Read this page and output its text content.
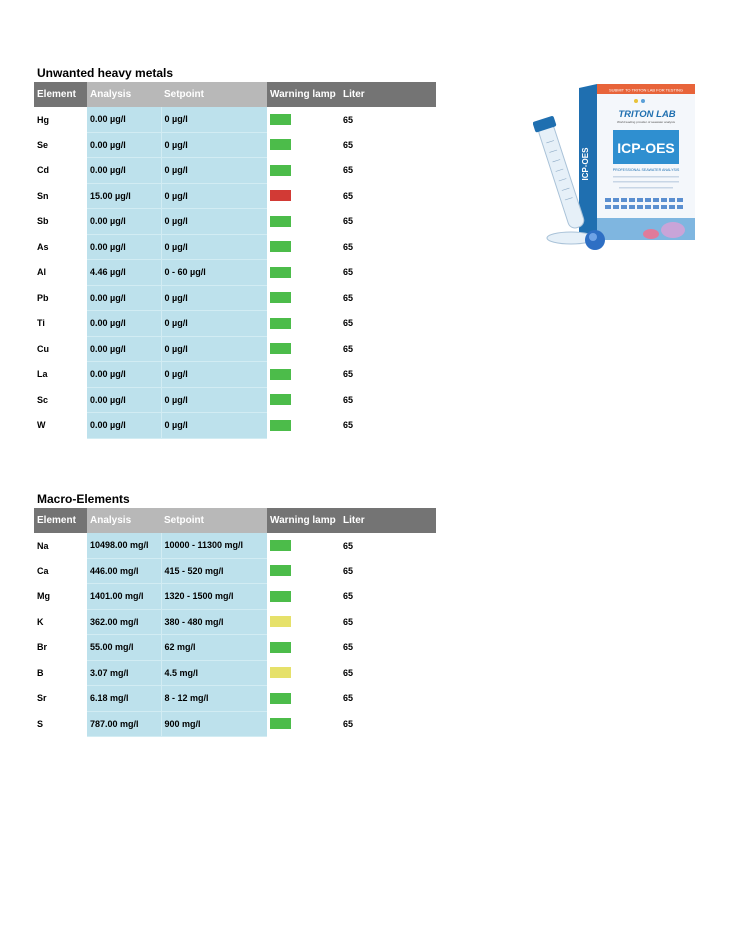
Unwanted heavy metals
Element	Analysis	Setpoint	Warning lamp	Liter
Hg	0.00 µg/l	0 µg/l		65
Se	0.00 µg/l	0 µg/l		65
Cd	0.00 µg/l	0 µg/l		65
Sn	15.00 µg/l	0 µg/l		65
Sb	0.00 µg/l	0 µg/l		65
As	0.00 µg/l	0 µg/l		65
Al	4.46 µg/l	0 - 60 µg/l		65
Pb	0.00 µg/l	0 µg/l		65
Ti	0.00 µg/l	0 µg/l		65
Cu	0.00 µg/l	0 µg/l		65
La	0.00 µg/l	0 µg/l		65
Sc	0.00 µg/l	0 µg/l		65
W	0.00 µg/l	0 µg/l		65
Macro-Elements
Element	Analysis	Setpoint	Warning lamp	Liter
Na	10498.00 mg/l	10000 - 11300 mg/l		65
Ca	446.00 mg/l	415 - 520 mg/l		65
Mg	1401.00 mg/l	1320 - 1500 mg/l		65
K	362.00 mg/l	380 - 480 mg/l		65
Br	55.00 mg/l	62 mg/l		65
B	3.07 mg/l	4.5 mg/l		65
Sr	6.18 mg/l	8 - 12 mg/l		65
S	787.00 mg/l	900 mg/l		65
SUBMIT TO TRITON LAB FOR TESTING
TRITON LAB
World leading provider of seawater analysis
ICP-OES
PROFESSIONAL SEAWATER ANALYSIS
ICP-OES
